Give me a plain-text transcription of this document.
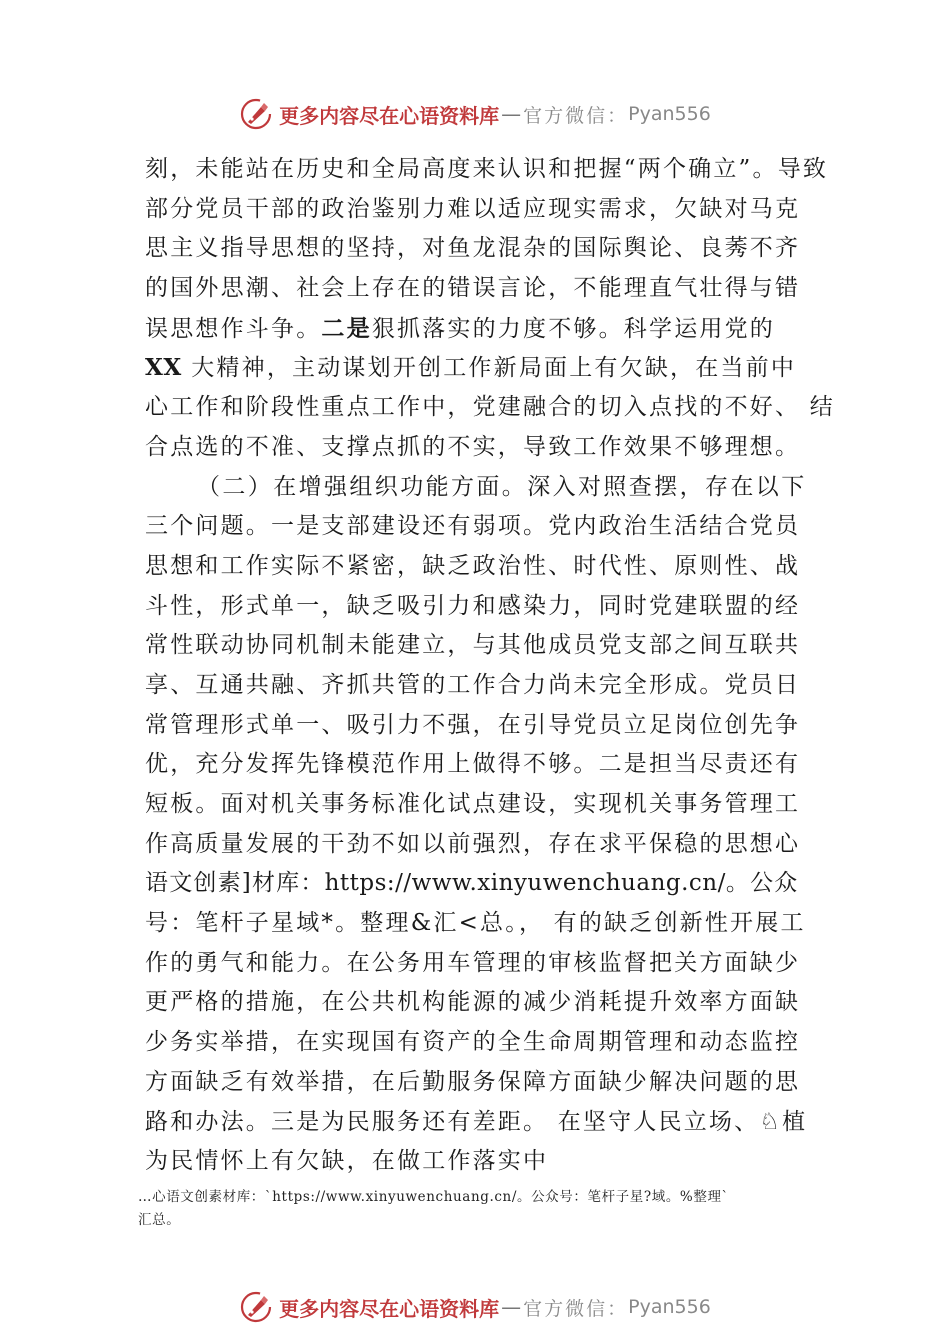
更多内容尽在心语资料库 — 官方微信： Pyan556
刻，未能站在历史和全局高度来认识和把握“两个确立”。导致
部分党员干部的政治鉴别力难以适应现实需求，欠缺对马克
思主义指导思想的坚持，对鱼龙混杂的国际舆论、良莠不齐
的国外思潮、社会上存在的错误言论，不能理直气壮得与错
误思想作斗争。二是狠抓落实的力度不够。科学运用党的
XX 大精神，主动谋划开创工作新局面上有欠缺，在当前中
心工作和阶段性重点工作中，党建融合的切入点找的不好、 结
合点选的不准、支撑点抓的不实，导致工作效果不够理想。
（二）在增强组织功能方面。深入对照查摆，存在以下
三个问题。一是支部建设还有弱项。党内政治生活结合党员
思想和工作实际不紧密，缺乏政治性、时代性、原则性、战
斗性，形式单一，缺乏吸引力和感染力，同时党建联盟的经
常性联动协同机制未能建立，与其他成员党支部之间互联共
享、互通共融、齐抓共管的工作合力尚未完全形成。党员日
常管理形式单一、吸引力不强，在引导党员立足岗位创先争
优，充分发挥先锋模范作用上做得不够。二是担当尽责还有
短板。面对机关事务标准化试点建设，实现机关事务管理工
作高质量发展的干劲不如以前强烈，存在求平保稳的思想心
语文创素]材库：https://www.xinyuwenchuang.cn/。公众
号：笔杆子星域*。整理&汇<总。， 有的缺乏创新性开展工
作的勇气和能力。在公务用车管理的审核监督把关方面缺少
更严格的措施，在公共机构能源的减少消耗提升效率方面缺
少务实举措，在实现国有资产的全生命周期管理和动态监控
方面缺乏有效举措，在后勤服务保障方面缺少解决问题的思
路和办法。三是为民服务还有差距。 在坚守人民立场、♘植
为民情怀上有欠缺，在做工作落实中
…心语文创素材库：`https://www.xinyuwenchuang.cn/。公众号：笔杆子星?域。%整理`
汇总。
更多内容尽在心语资料库 — 官方微信： Pyan556
